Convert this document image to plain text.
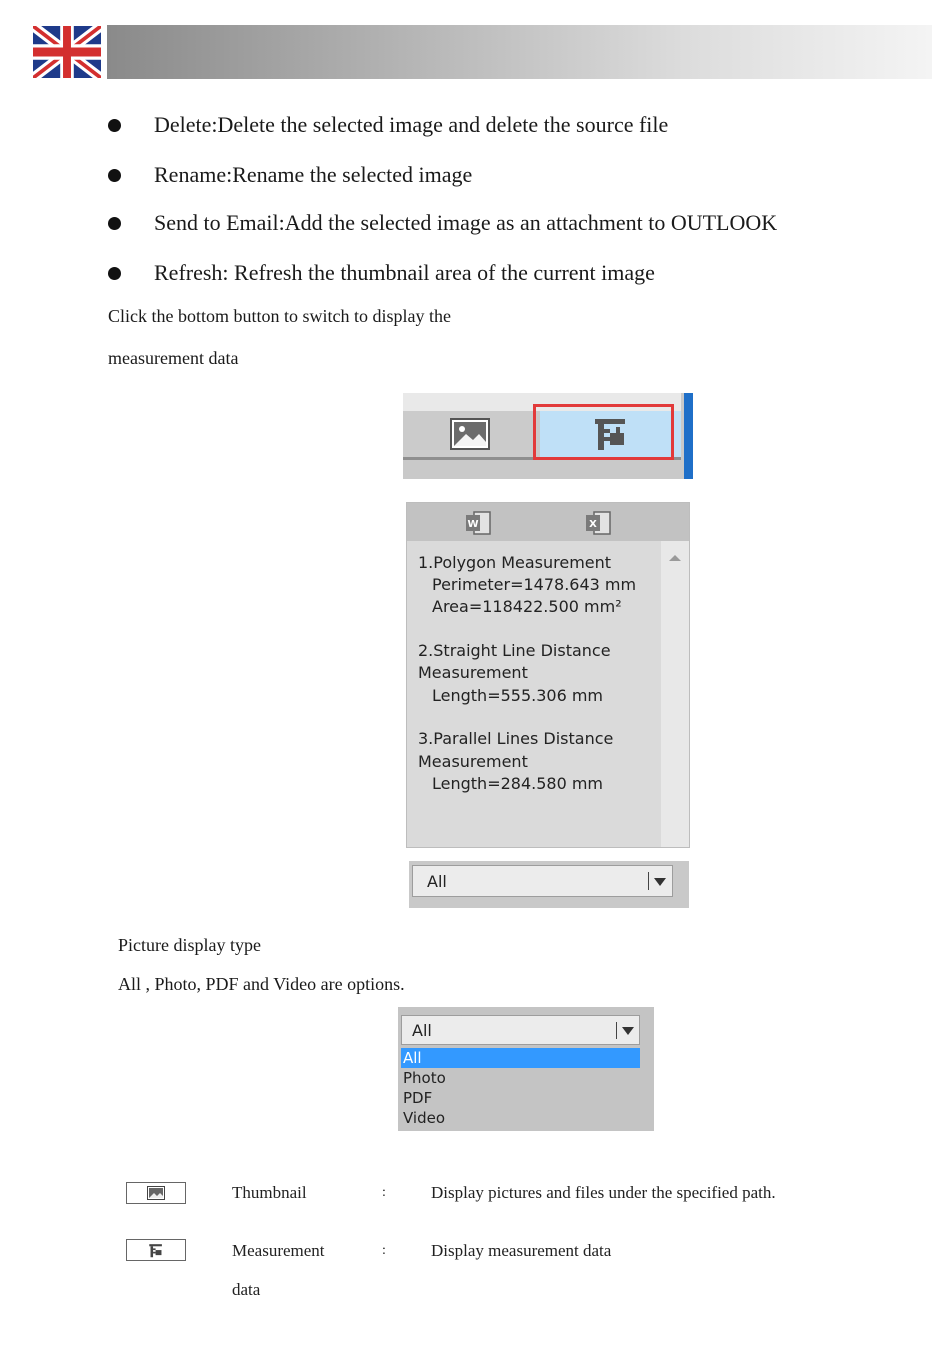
Delete:Delete the selected image and delete the source file
Rename:Rename the selected image
Send to Email:Add the selected image as an attachment to OUTLOOK
Refresh: Refresh the thumbnail area of the current image
Click the bottom button to switch to display the
measurement data
W	X
1.Polygon Measurement
Perimeter=1478.643 mm
Area=118422.500 mm²
2.Straight Line Distance
Measurement
Length=555.306 mm
3.Parallel Lines Distance
Measurement
Length=284.580 mm
All
Picture display type
All , Photo, PDF and Video are options.
All
All
Photo
PDF
Video
Thumbnail	:	Display pictures and files under the specified path.
Measurement	:	Display measurement data
data
